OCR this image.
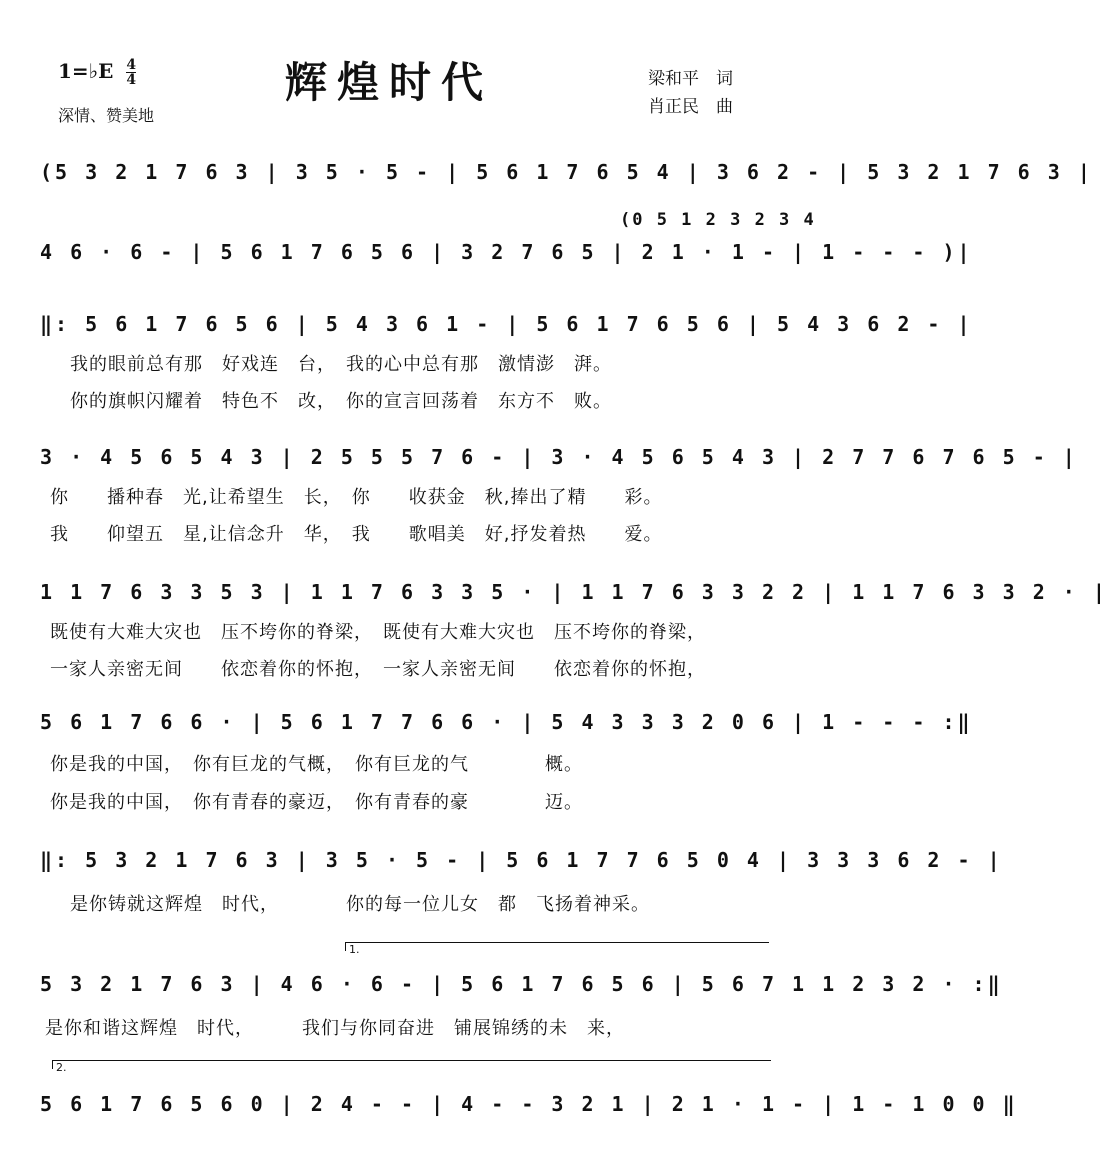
1=♭E $\frac{4}{4}$
深情、赞美地
辉煌时代	梁和平　词
肖正民　曲
(5 3 2 1 7 6 3 | 3 5 · 5 - | 5 6 1 7 6 5 4 | 3 6 2 - | 5 3 2 1 7 6 3 |
4 6 · 6 - | 5 6 1 7 6 5 6 | 3 2 7 6 5 | 2 1 · 1 - | 1 - - - )|
(0 5 1 2 3 2 3 4
‖: 5 6 1 7 6 5 6 | 5 4 3 6 1 - | 5 6 1 7 6 5 6 | 5 4 3 6 2 - |
我的眼前总有那　好戏连　台，　我的心中总有那　激情澎　湃。
你的旗帜闪耀着　特色不　改，　你的宣言回荡着　东方不　败。
3 · 4 5 6 5 4 3 | 2 5 5 5 7 6 - | 3 · 4 5 6 5 4 3 | 2 7 7 6 7 6 5 - |
你　　播种春　光,让希望生　长，　你　　收获金　秋,捧出了精　　彩。
我　　仰望五　星,让信念升　华，　我　　歌唱美　好,抒发着热　　爱。
1 1 7 6 3 3 5 3 | 1 1 7 6 3 3 5 · | 1 1 7 6 3 3 2 2 | 1 1 7 6 3 3 2 · |
既使有大难大灾也　压不垮你的脊梁，　既使有大难大灾也　压不垮你的脊梁，
一家人亲密无间　　依恋着你的怀抱，　一家人亲密无间　　依恋着你的怀抱，
5 6 1 7 6 6 · | 5 6 1 7 7 6 6 · | 5 4 3 3 3 2 0 6 | 1 - - - :‖
你是我的中国，　你有巨龙的气概，　你有巨龙的气　　　　概。
你是我的中国，　你有青春的豪迈，　你有青春的豪　　　　迈。
‖: 5 3 2 1 7 6 3 | 3 5 · 5 - | 5 6 1 7 7 6 5 0 4 | 3 3 3 6 2 - |
是你铸就这辉煌　时代，　　　　你的每一位儿女　都　飞扬着神采。
1.
5 3 2 1 7 6 3 | 4 6 · 6 - | 5 6 1 7 6 5 6 | 5 6 7 1 1 2 3 2 · :‖
是你和谐这辉煌　时代，　　　我们与你同奋进　铺展锦绣的未　来，
2.
5 6 1 7 6 5 6 0 | 2 4 - - | 4 - - 3 2 1 | 2 1 · 1 - | 1 - 1 0 0 ‖
